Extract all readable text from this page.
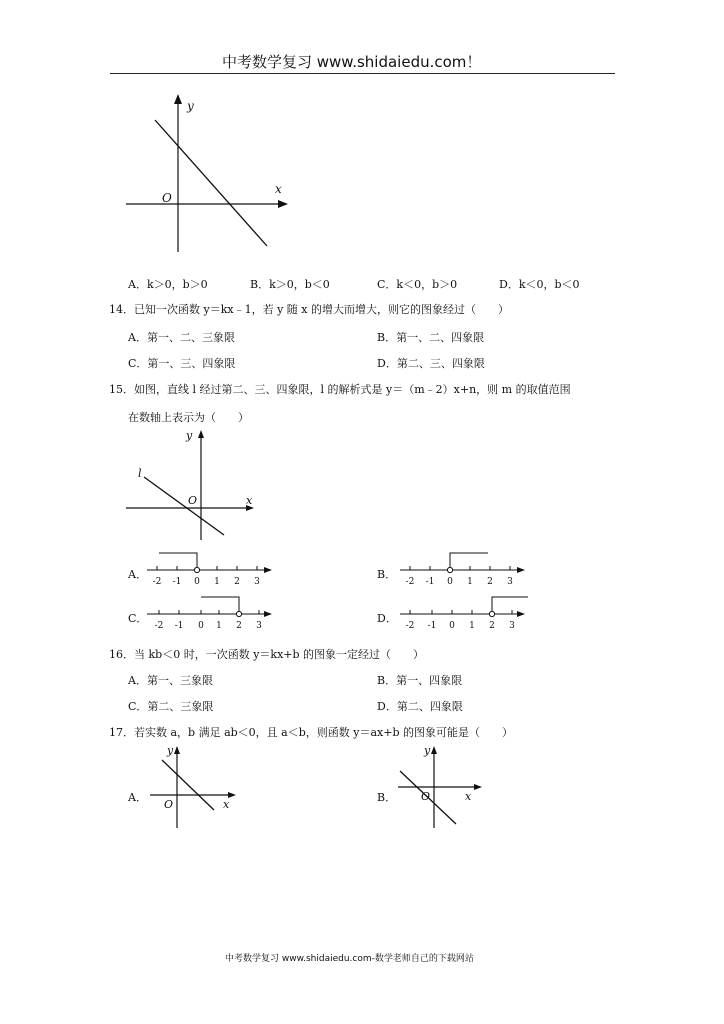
中考数学复习 www.shidaiedu.com！
y
x
O
A．k＞0，b＞0	B．k＞0，b＜0	C．k＜0，b＞0	D．k＜0，b＜0
14．已知一次函数 y＝kx﹣1，若 y 随 x 的增大而增大，则它的图象经过（　　）
A．第一、二、三象限	B．第一、二、四象限
C．第一、三、四象限	D．第二、三、四象限
15．如图，直线 l 经过第二、三、四象限，l 的解析式是 y＝（m﹣2）x+n，则 m 的取值范围
在数轴上表示为（　　）
y
x
O
l
A．	B．
C．	D．
-2 -1 0 1 2 3	-2 -1 0 1 2 3
-2 -1 0 1 2 3	-2 -1 0 1 2 3
16．当 kb＜0 时，一次函数 y＝kx+b 的图象一定经过（　　）
A．第一、三象限	B．第一、四象限
C．第二、三象限	D．第二、四象限
17．若实数 a，b 满足 ab＜0，且 a＜b，则函数 y＝ax+b 的图象可能是（　　）
A．	B．
y
x
O
y
x
O
中考数学复习 www.shidaiedu.com-数学老师自己的下载网站
